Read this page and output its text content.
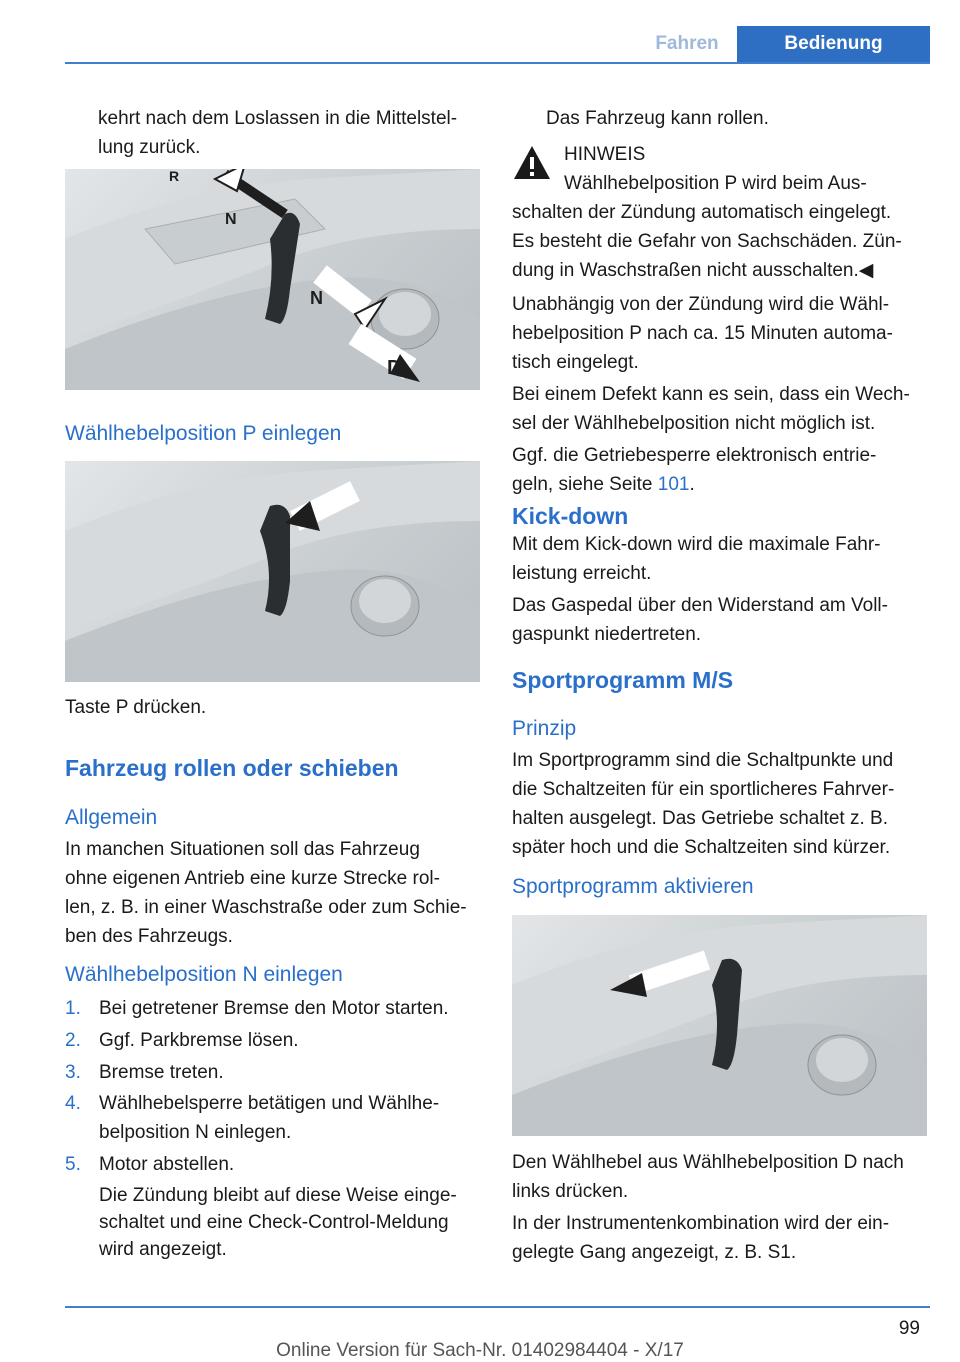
Fahren	Bedienung
kehrt nach dem Loslassen in die Mittelstel‐
lung zurück.
R
N
N
D
Wählhebelposition P einlegen
Taste P drücken.
Fahrzeug rollen oder schieben
Allgemein
In manchen Situationen soll das Fahrzeug
ohne eigenen Antrieb eine kurze Strecke rol‐
len, z. B. in einer Waschstraße oder zum Schie‐
ben des Fahrzeugs.
Wählhebelposition N einlegen
1. Bei getretener Bremse den Motor starten.
2. Ggf. Parkbremse lösen.
3. Bremse treten.
4. Wählhebelsperre betätigen und Wählhe‐
belposition N einlegen.
5. Motor abstellen.
Die Zündung bleibt auf diese Weise einge‐
schaltet und eine Check-Control-Meldung
wird angezeigt.
Das Fahrzeug kann rollen.
HINWEIS
Wählhebelposition P wird beim Aus‐
schalten der Zündung automatisch eingelegt.
Es besteht die Gefahr von Sachschäden. Zün‐
dung in Waschstraßen nicht ausschalten.◀
Unabhängig von der Zündung wird die Wähl‐
hebelposition P nach ca. 15 Minuten automa‐
tisch eingelegt.
Bei einem Defekt kann es sein, dass ein Wech‐
sel der Wählhebelposition nicht möglich ist.
Ggf. die Getriebesperre elektronisch entrie‐
geln, siehe Seite 101.
Kick-down
Mit dem Kick-down wird die maximale Fahr‐
leistung erreicht.
Das Gaspedal über den Widerstand am Voll‐
gaspunkt niedertreten.
Sportprogramm M/S
Prinzip
Im Sportprogramm sind die Schaltpunkte und
die Schaltzeiten für ein sportlicheres Fahrver‐
halten ausgelegt. Das Getriebe schaltet z. B.
später hoch und die Schaltzeiten sind kürzer.
Sportprogramm aktivieren
Den Wählhebel aus Wählhebelposition D nach
links drücken.
In der Instrumentenkombination wird der ein‐
gelegte Gang angezeigt, z. B. S1.
99
Online Version für Sach-Nr. 01402984404 - X/17
